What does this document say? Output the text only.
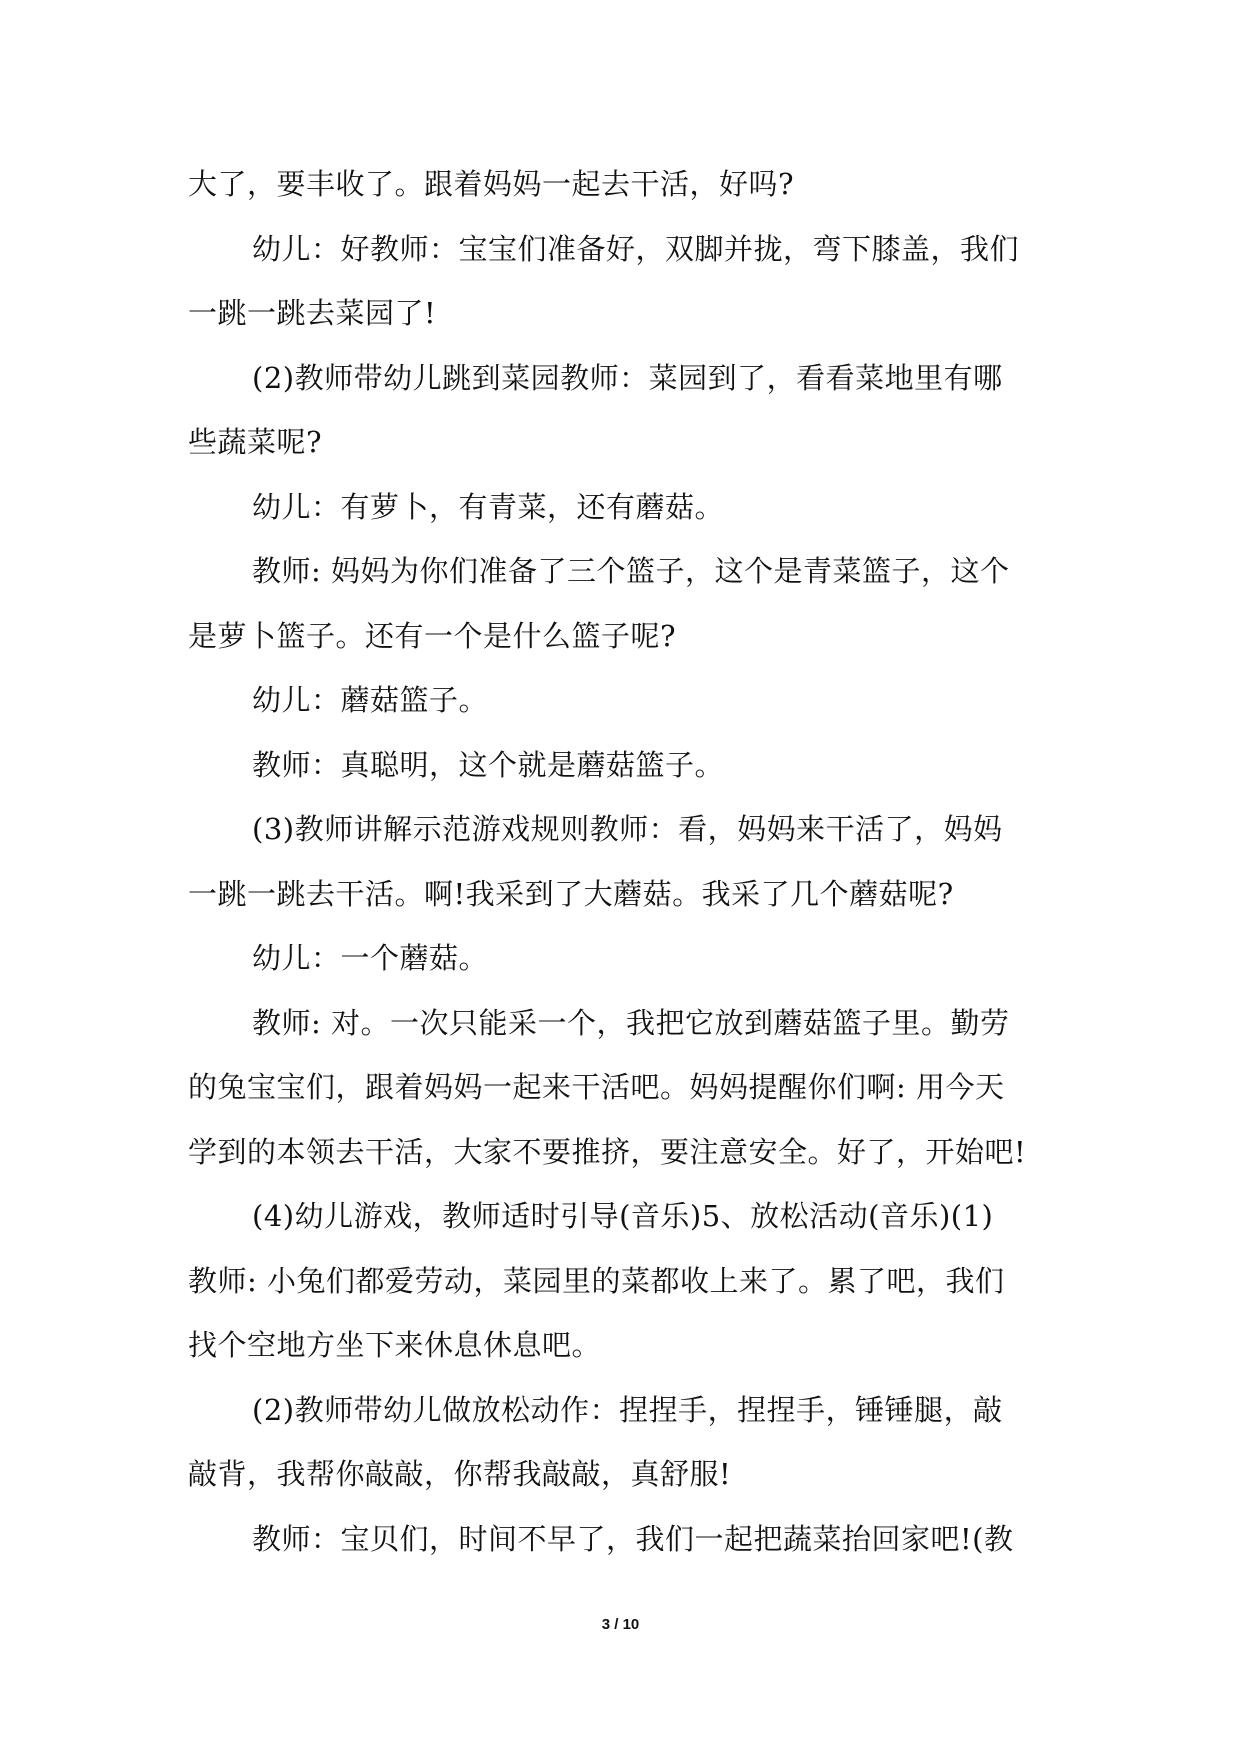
大了，要丰收了。跟着妈妈一起去干活，好吗?
幼儿：好教师：宝宝们准备好，双脚并拢，弯下膝盖，我们
一跳一跳去菜园了!
(2)教师带幼儿跳到菜园教师：菜园到了，看看菜地里有哪
些蔬菜呢?
幼儿：有萝卜，有青菜，还有蘑菇。
教师: 妈妈为你们准备了三个篮子，这个是青菜篮子，这个
是萝卜篮子。还有一个是什么篮子呢?
幼儿：蘑菇篮子。
教师：真聪明，这个就是蘑菇篮子。
(3)教师讲解示范游戏规则教师：看，妈妈来干活了，妈妈
一跳一跳去干活。啊!我采到了大蘑菇。我采了几个蘑菇呢?
幼儿：一个蘑菇。
教师: 对。一次只能采一个，我把它放到蘑菇篮子里。勤劳
的兔宝宝们，跟着妈妈一起来干活吧。妈妈提醒你们啊: 用今天
学到的本领去干活，大家不要推挤，要注意安全。好了，开始吧!
(4)幼儿游戏，教师适时引导(音乐)5、放松活动(音乐)(1)
教师: 小兔们都爱劳动，菜园里的菜都收上来了。累了吧，我们
找个空地方坐下来休息休息吧。
(2)教师带幼儿做放松动作：捏捏手，捏捏手，锤锤腿，敲
敲背，我帮你敲敲，你帮我敲敲，真舒服!
教师：宝贝们，时间不早了，我们一起把蔬菜抬回家吧!(教
3 / 10
